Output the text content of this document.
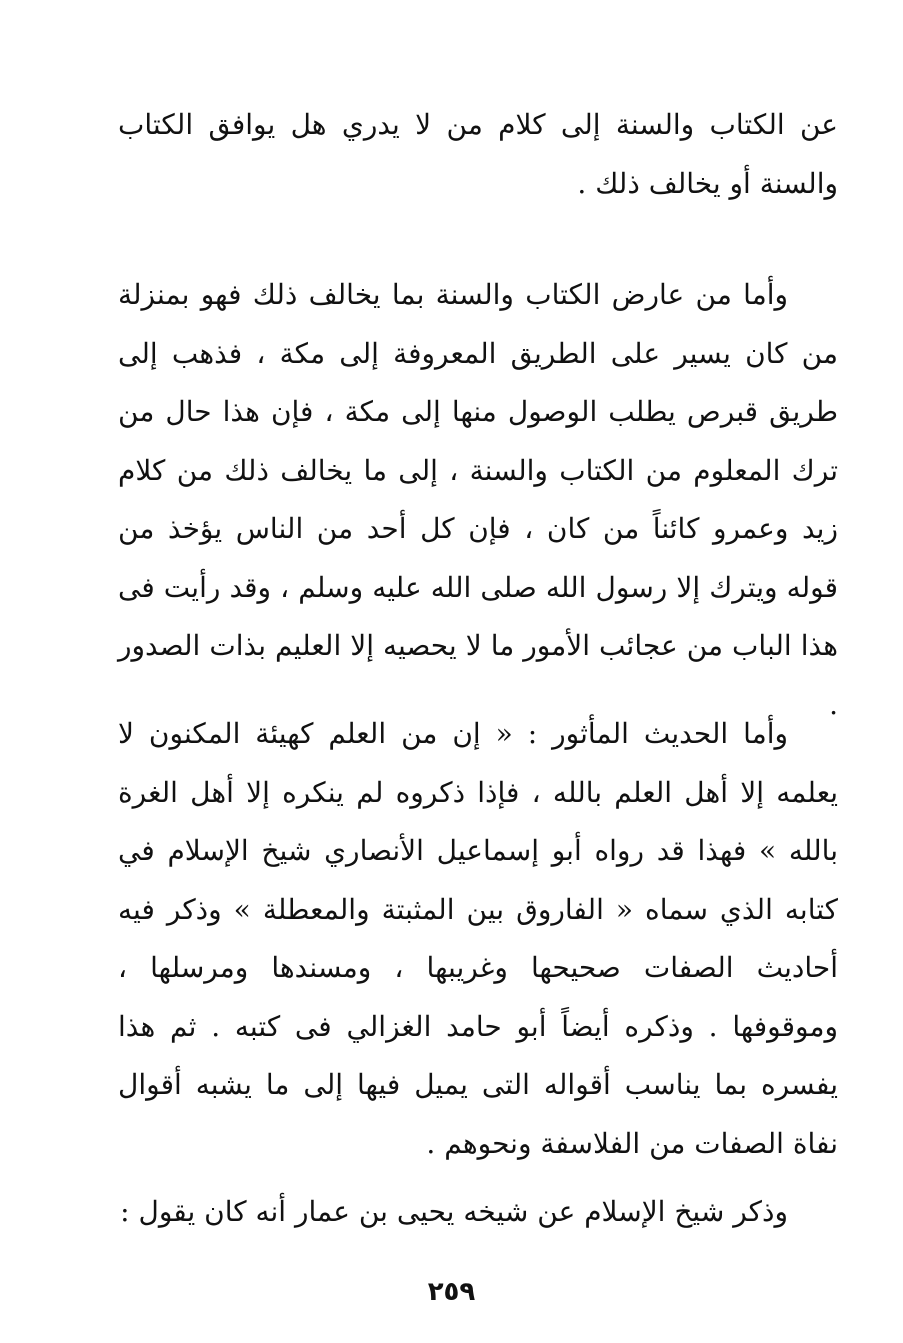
عن الكتاب والسنة إلى كلام من لا يدري هل يوافق الكتاب والسنة أو يخالف ذلك .

وأما من عارض الكتاب والسنة بما يخالف ذلك فهو بمنزلة من كان يسير على الطريق المعروفة إلى مكة ، فذهب إلى طريق قبرص يطلب الوصول منها إلى مكة ، فإن هذا حال من ترك المعلوم من الكتاب والسنة ، إلى ما يخالف ذلك من كلام زيد وعمرو كائناً من كان ، فإن كل أحد من الناس يؤخذ من قوله ويترك إلا رسول الله صلى الله عليه وسلم ، وقد رأيت فى هذا الباب من عجائب الأمور ما لا يحصيه إلا العليم بذات الصدور .

وأما الحديث المأثور : « إن من العلم كهيئة المكنون لا يعلمه إلا أهل العلم بالله ، فإذا ذكروه لم ينكره إلا أهل الغرة بالله » فهذا قد رواه أبو إسماعيل الأنصاري شيخ الإسلام في كتابه الذي سماه « الفاروق بين المثبتة والمعطلة » وذكر فيه أحاديث الصفات صحيحها وغريبها ، ومسندها ومرسلها ، وموقوفها . وذكره أيضاً أبو حامد الغزالي فى كتبه . ثم هذا يفسره بما يناسب أقواله التى يميل فيها إلى ما يشبه أقوال نفاة الصفات من الفلاسفة ونحوهم .

وذكر شيخ الإسلام عن شيخه يحيى بن عمار أنه كان يقول :

٢٥٩
